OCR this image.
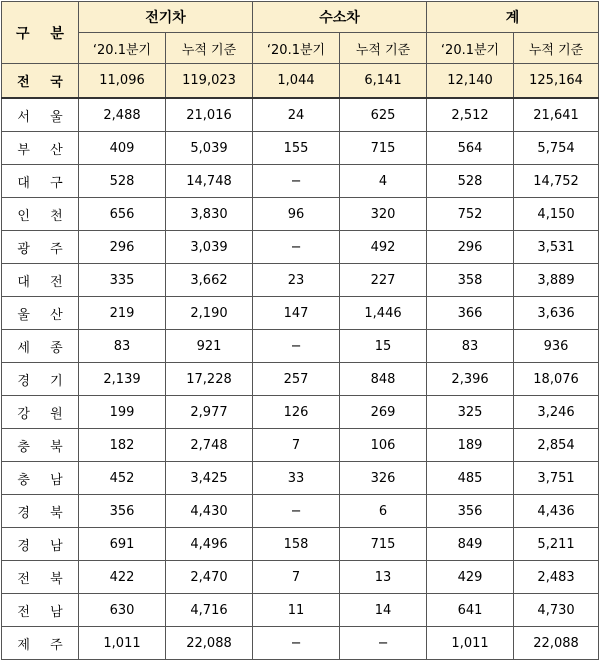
구 분	전기차		수소차		계	
	‘20.1분기	누적 기준	‘20.1분기	누적 기준	‘20.1분기	누적 기준
전 국	11,096	119,023	1,044	6,141	12,140	125,164
서 울	2,488	21,016	24	625	2,512	21,641
부 산	409	5,039	155	715	564	5,754
대 구	528	14,748	−	4	528	14,752
인 천	656	3,830	96	320	752	4,150
광 주	296	3,039	−	492	296	3,531
대 전	335	3,662	23	227	358	3,889
울 산	219	2,190	147	1,446	366	3,636
세 종	83	921	−	15	83	936
경 기	2,139	17,228	257	848	2,396	18,076
강 원	199	2,977	126	269	325	3,246
충 북	182	2,748	7	106	189	2,854
충 남	452	3,425	33	326	485	3,751
경 북	356	4,430	−	6	356	4,436
경 남	691	4,496	158	715	849	5,211
전 북	422	2,470	7	13	429	2,483
전 남	630	4,716	11	14	641	4,730
제 주	1,011	22,088	−	−	1,011	22,088
